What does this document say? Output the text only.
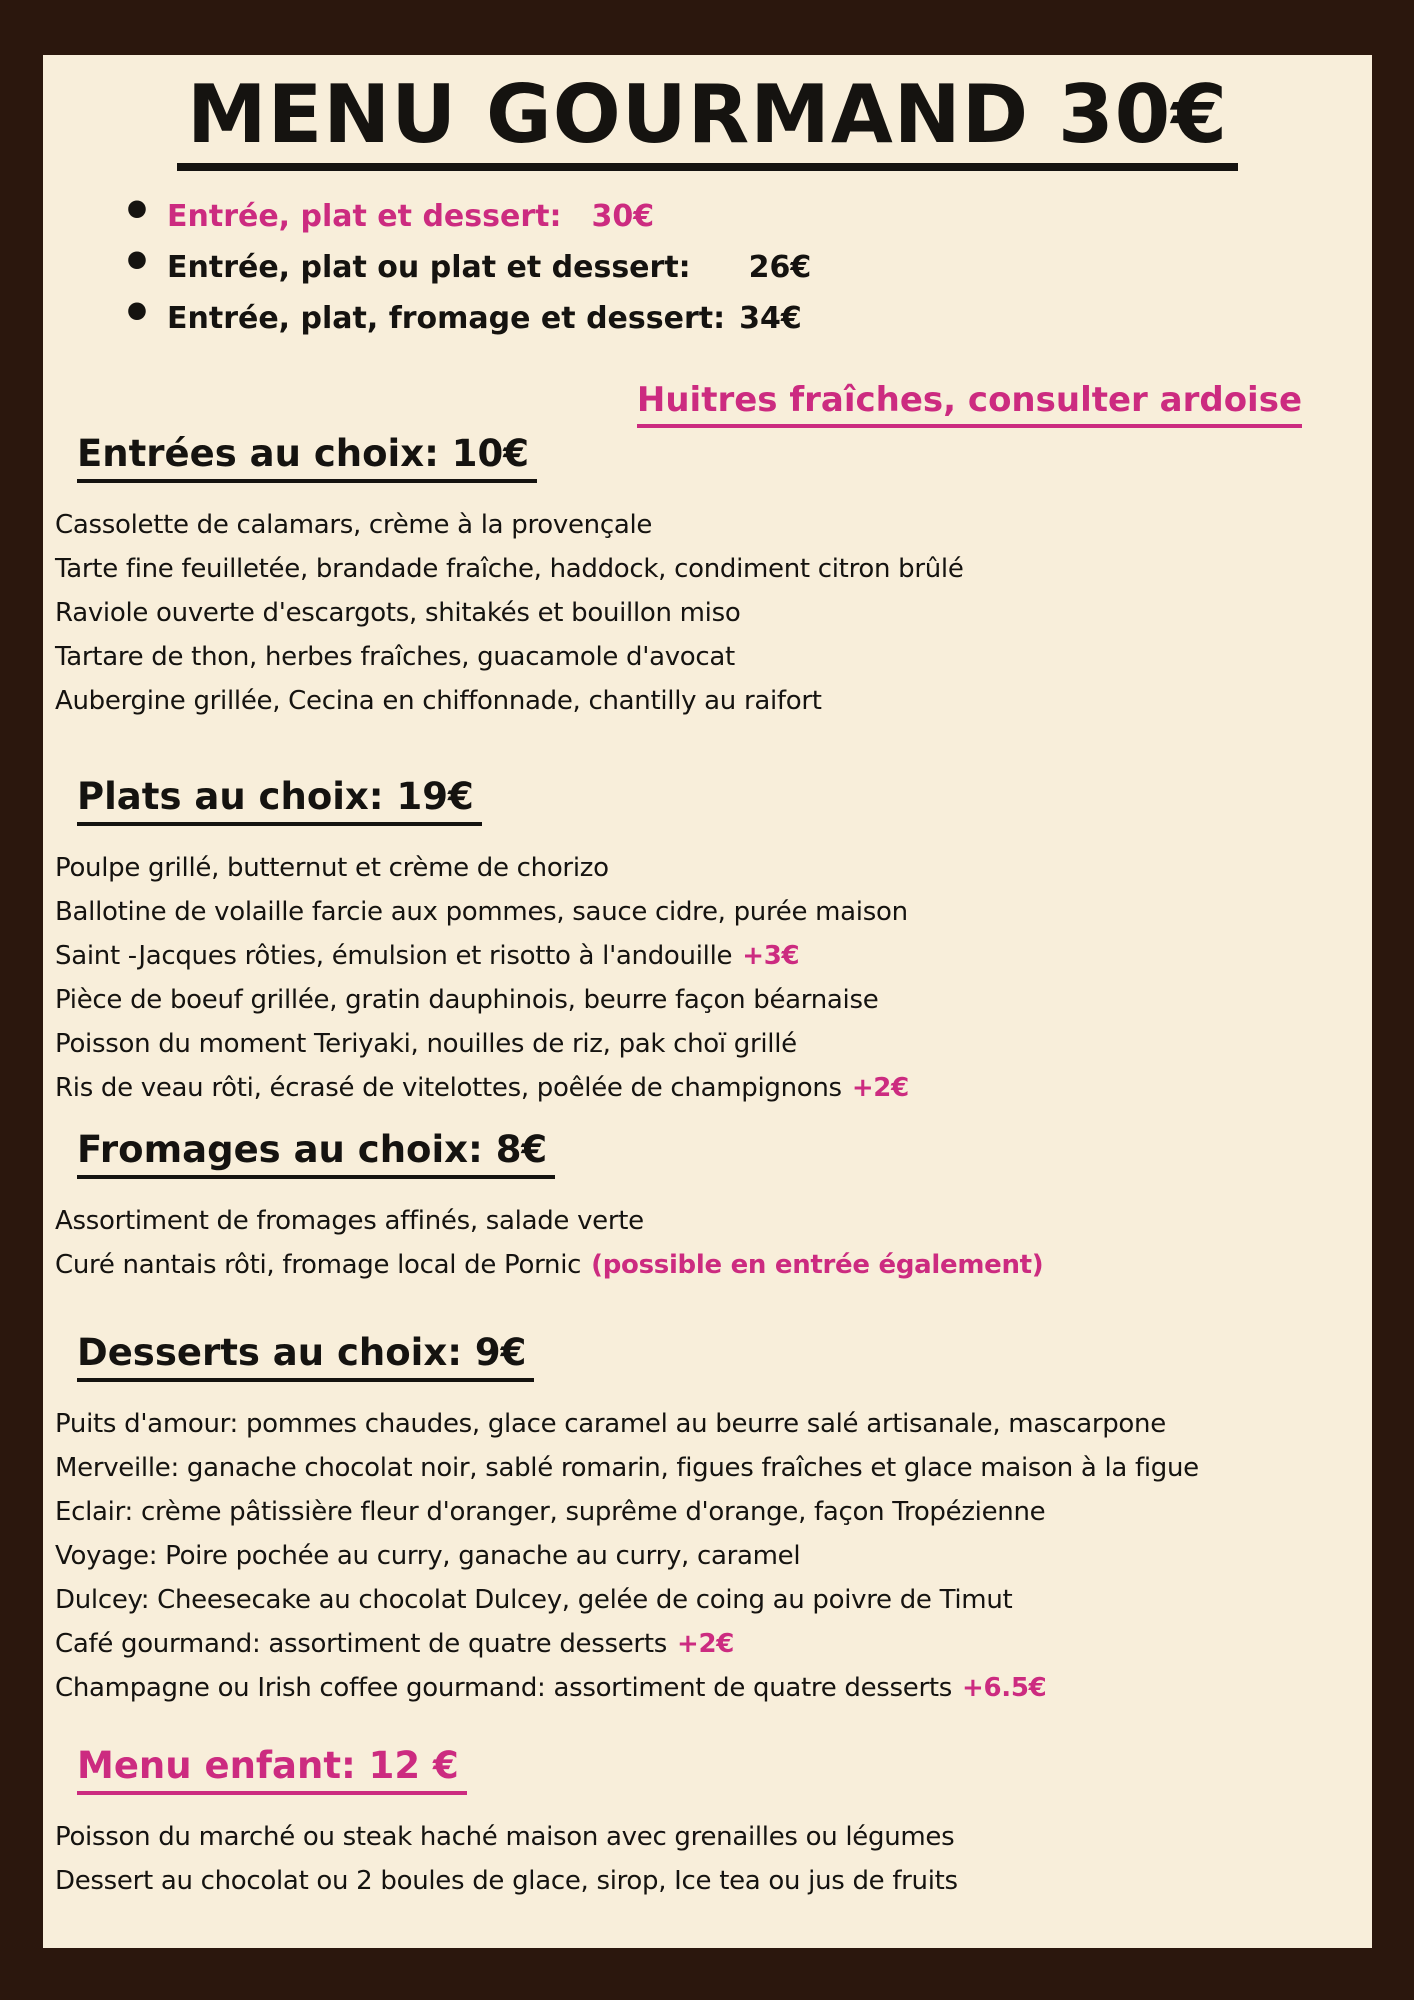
MENU GOURMAND 30€
• Entrée, plat et dessert: 30€
• Entrée, plat ou plat et dessert: 26€
• Entrée, plat, fromage et dessert: 34€
Huitres fraîches, consulter ardoise
Entrées au choix: 10€

Cassolette de calamars, crème à la provençale

Tarte fine feuilletée, brandade fraîche, haddock, condiment citron brûlé

Raviole ouverte d'escargots, shitakés et bouillon miso

Tartare de thon, herbes fraîches, guacamole d'avocat

Aubergine grillée, Cecina en chiffonnade, chantilly au raifort

Plats au choix: 19€

Poulpe grillé, butternut et crème de chorizo

Ballotine de volaille farcie aux pommes, sauce cidre, purée maison

Saint -Jacques rôties, émulsion et risotto à l'andouille +3€

Pièce de boeuf grillée, gratin dauphinois, beurre façon béarnaise

Poisson du moment Teriyaki, nouilles de riz, pak choï grillé

Ris de veau rôti, écrasé de vitelottes, poêlée de champignons +2€

Fromages au choix: 8€

Assortiment de fromages affinés, salade verte

Curé nantais rôti, fromage local de Pornic (possible en entrée également)

Desserts au choix: 9€

Puits d'amour: pommes chaudes, glace caramel au beurre salé artisanale, mascarpone

Merveille: ganache chocolat noir, sablé romarin, figues fraîches et glace maison à la figue

Eclair: crème pâtissière fleur d'oranger, suprême d'orange, façon Tropézienne

Voyage: Poire pochée au curry, ganache au curry, caramel

Dulcey: Cheesecake au chocolat Dulcey, gelée de coing au poivre de Timut

Café gourmand: assortiment de quatre desserts +2€

Champagne ou Irish coffee gourmand: assortiment de quatre desserts +6.5€

Menu enfant: 12 €

Poisson du marché ou steak haché maison avec grenailles ou légumes

Dessert au chocolat ou 2 boules de glace, sirop, Ice tea ou jus de fruits
